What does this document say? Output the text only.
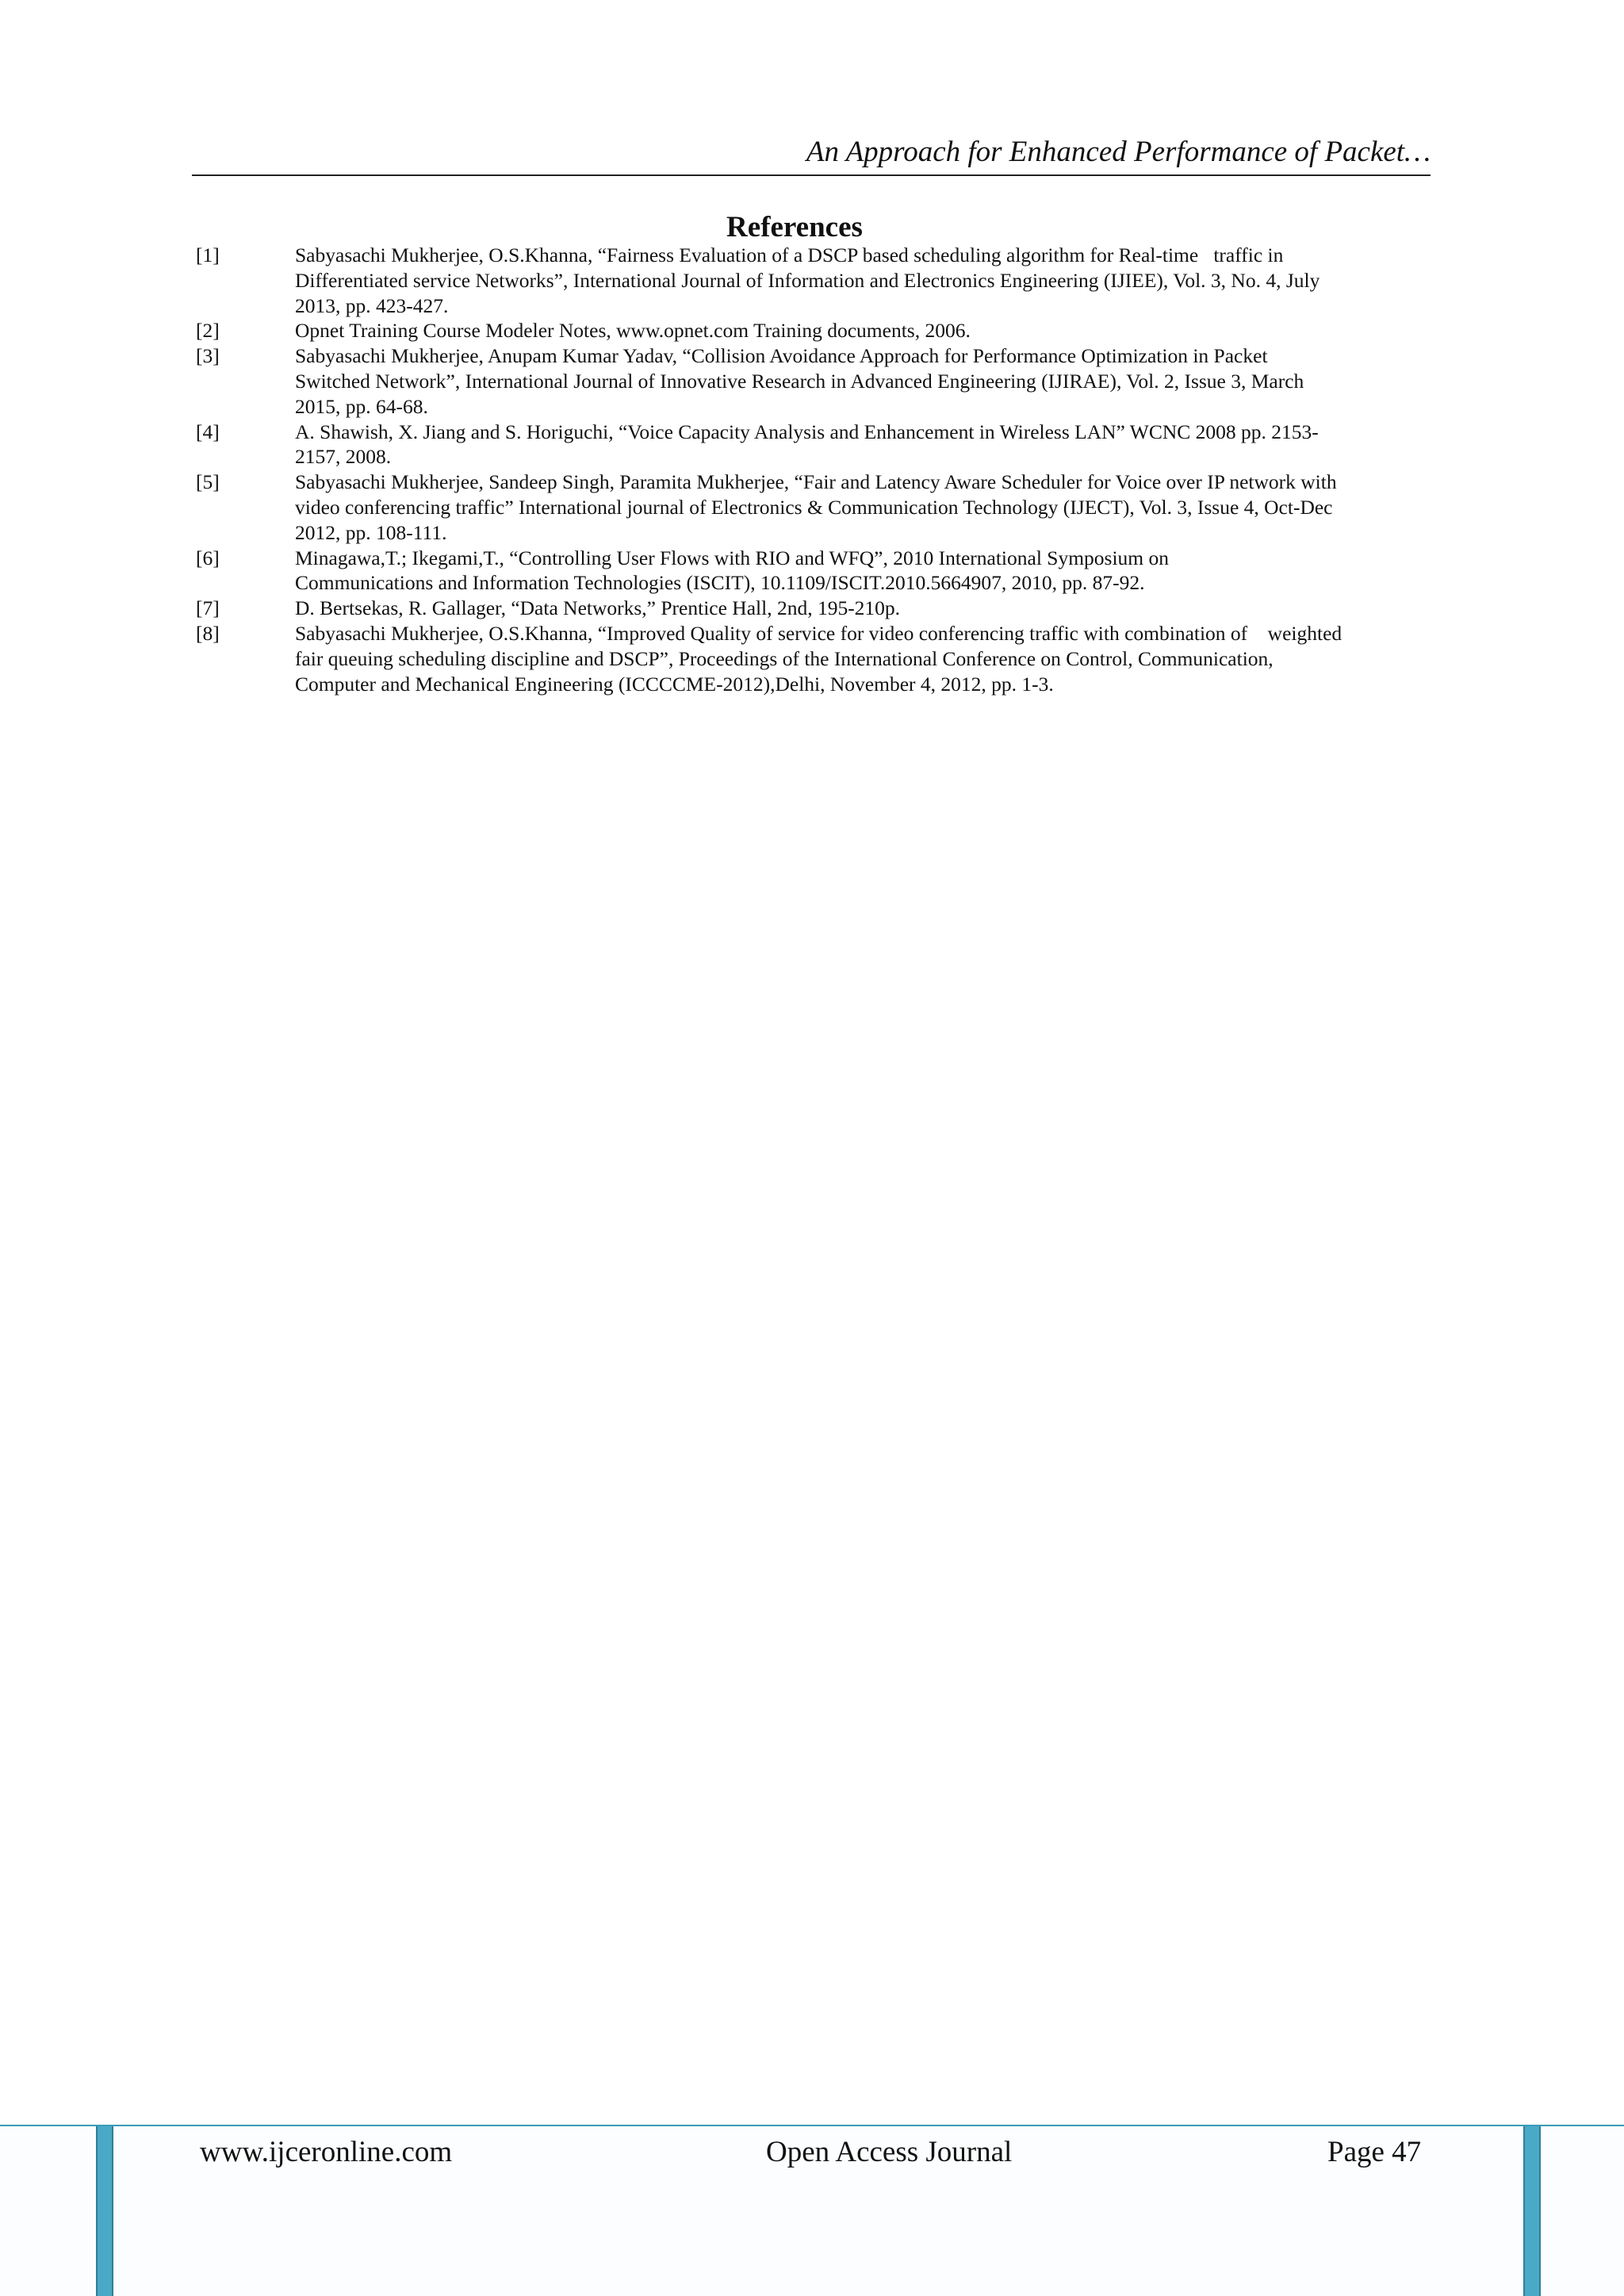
An Approach for Enhanced Performance of Packet…
References
[1]	Sabyasachi Mukherjee, O.S.Khanna, “Fairness Evaluation of a DSCP based scheduling algorithm for Real-time   traffic in
Differentiated service Networks”, International Journal of Information and Electronics Engineering (IJIEE), Vol. 3, No. 4, July
2013, pp. 423-427.
[2]	Opnet Training Course Modeler Notes, www.opnet.com Training documents, 2006.
[3]	Sabyasachi Mukherjee, Anupam Kumar Yadav, “Collision Avoidance Approach for Performance Optimization in Packet
Switched Network”, International Journal of Innovative Research in Advanced Engineering (IJIRAE), Vol. 2, Issue 3, March
2015, pp. 64-68.
[4]	A. Shawish, X. Jiang and S. Horiguchi, “Voice Capacity Analysis and Enhancement in Wireless LAN” WCNC 2008 pp. 2153-
2157, 2008.
[5]	Sabyasachi Mukherjee, Sandeep Singh, Paramita Mukherjee, “Fair and Latency Aware Scheduler for Voice over IP network with
video conferencing traffic” International journal of Electronics & Communication Technology (IJECT), Vol. 3, Issue 4, Oct-Dec
2012, pp. 108-111.
[6]	Minagawa,T.; Ikegami,T., “Controlling User Flows with RIO and WFQ”, 2010 International Symposium on
Communications and Information Technologies (ISCIT), 10.1109/ISCIT.2010.5664907, 2010, pp. 87-92.
[7]	D. Bertsekas, R. Gallager, “Data Networks,” Prentice Hall, 2nd, 195-210p.
[8]	Sabyasachi Mukherjee, O.S.Khanna, “Improved Quality of service for video conferencing traffic with combination of    weighted
fair queuing scheduling discipline and DSCP”, Proceedings of the International Conference on Control, Communication,
Computer and Mechanical Engineering (ICCCCME-2012),Delhi, November 4, 2012, pp. 1-3.
www.ijceronline.com	Open Access Journal	Page 47
